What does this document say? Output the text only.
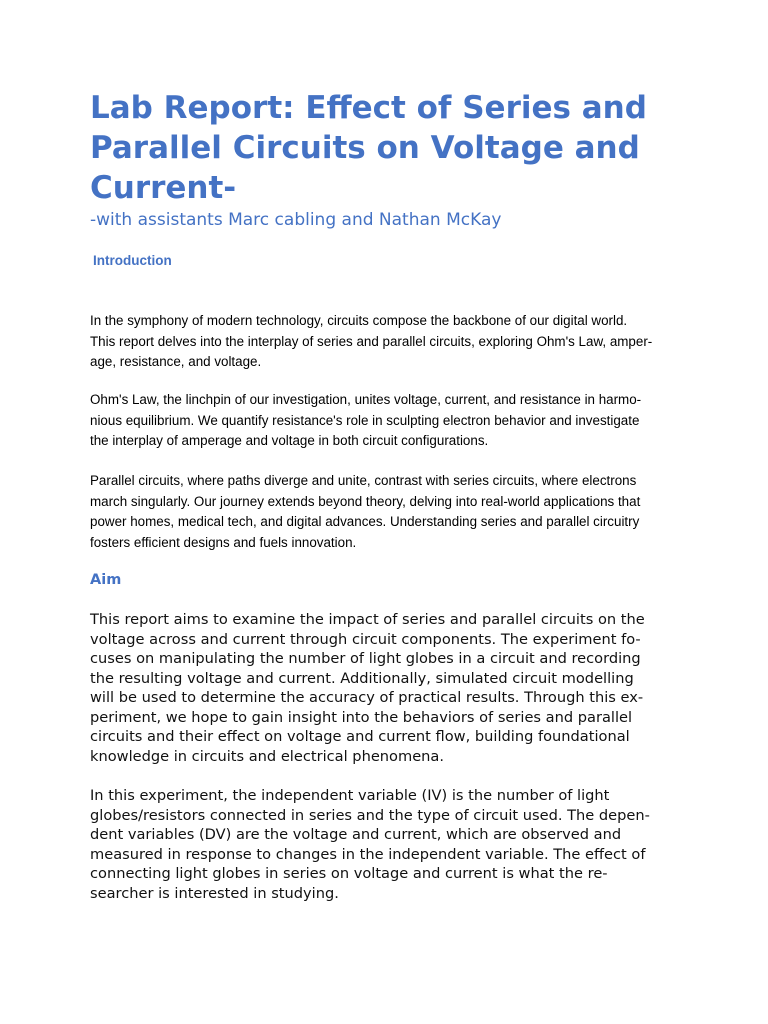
Lab Report: Effect of Series and Parallel Circuits on Voltage and Current-

-with assistants Marc cabling and Nathan McKay

Introduction
In the symphony of modern technology, circuits compose the backbone of our digital world.
This report delves into the interplay of series and parallel circuits, exploring Ohm's Law, amper-
age, resistance, and voltage.
Ohm's Law, the linchpin of our investigation, unites voltage, current, and resistance in harmo-
nious equilibrium. We quantify resistance's role in sculpting electron behavior and investigate
the interplay of amperage and voltage in both circuit configurations.
Parallel circuits, where paths diverge and unite, contrast with series circuits, where electrons
march singularly. Our journey extends beyond theory, delving into real-world applications that
power homes, medical tech, and digital advances. Understanding series and parallel circuitry
fosters efficient designs and fuels innovation.
Aim
This report aims to examine the impact of series and parallel circuits on the
voltage across and current through circuit components. The experiment fo-
cuses on manipulating the number of light globes in a circuit and recording
the resulting voltage and current. Additionally, simulated circuit modelling
will be used to determine the accuracy of practical results. Through this ex-
periment, we hope to gain insight into the behaviors of series and parallel
circuits and their effect on voltage and current flow, building foundational
knowledge in circuits and electrical phenomena.
In this experiment, the independent variable (IV) is the number of light
globes/resistors connected in series and the type of circuit used. The depen-
dent variables (DV) are the voltage and current, which are observed and
measured in response to changes in the independent variable. The effect of
connecting light globes in series on voltage and current is what the re-
searcher is interested in studying.
